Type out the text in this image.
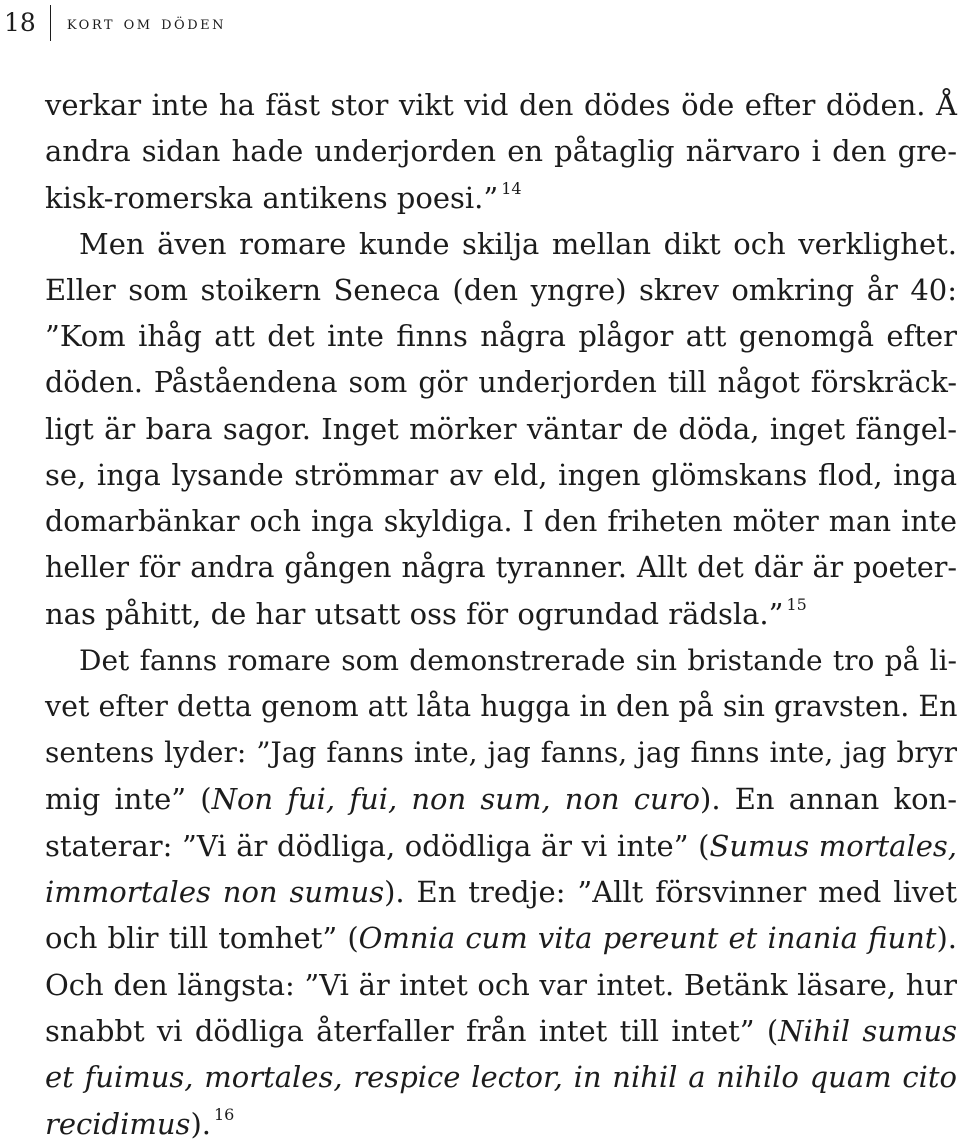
18	kort om döden
verkar inte ha fäst stor vikt vid den dödes öde efter döden. Å
andra sidan hade underjorden en påtaglig närvaro i den gre-
kisk-romerska antikens poesi.” $^{14}$
Men även romare kunde skilja mellan dikt och verklighet.
Eller som stoikern Seneca (den yngre) skrev omkring år 40:
”Kom ihåg att det inte finns några plågor att genomgå efter
döden. Påståendena som gör underjorden till något förskräck-
ligt är bara sagor. Inget mörker väntar de döda, inget fängel-
se, inga lysande strömmar av eld, ingen glömskans flod, inga
domarbänkar och inga skyldiga. I den friheten möter man inte
heller för andra gången några tyranner. Allt det där är poeter-
nas påhitt, de har utsatt oss för ogrundad rädsla.” $^{15}$
Det fanns romare som demonstrerade sin bristande tro på li-
vet efter detta genom att låta hugga in den på sin gravsten. En
sentens lyder: ”Jag fanns inte, jag fanns, jag finns inte, jag bryr
mig inte” (Non fui, fui, non sum, non curo). En annan kon-
staterar: ”Vi är dödliga, odödliga är vi inte” (Sumus mortales,
immortales non sumus). En tredje: ”Allt försvinner med livet
och blir till tomhet” (Omnia cum vita pereunt et inania fiunt).
Och den längsta: ”Vi är intet och var intet. Betänk läsare, hur
snabbt vi dödliga återfaller från intet till intet” (Nihil sumus
et fuimus, mortales, respice lector, in nihil a nihilo quam cito
recidimus). $^{16}$
